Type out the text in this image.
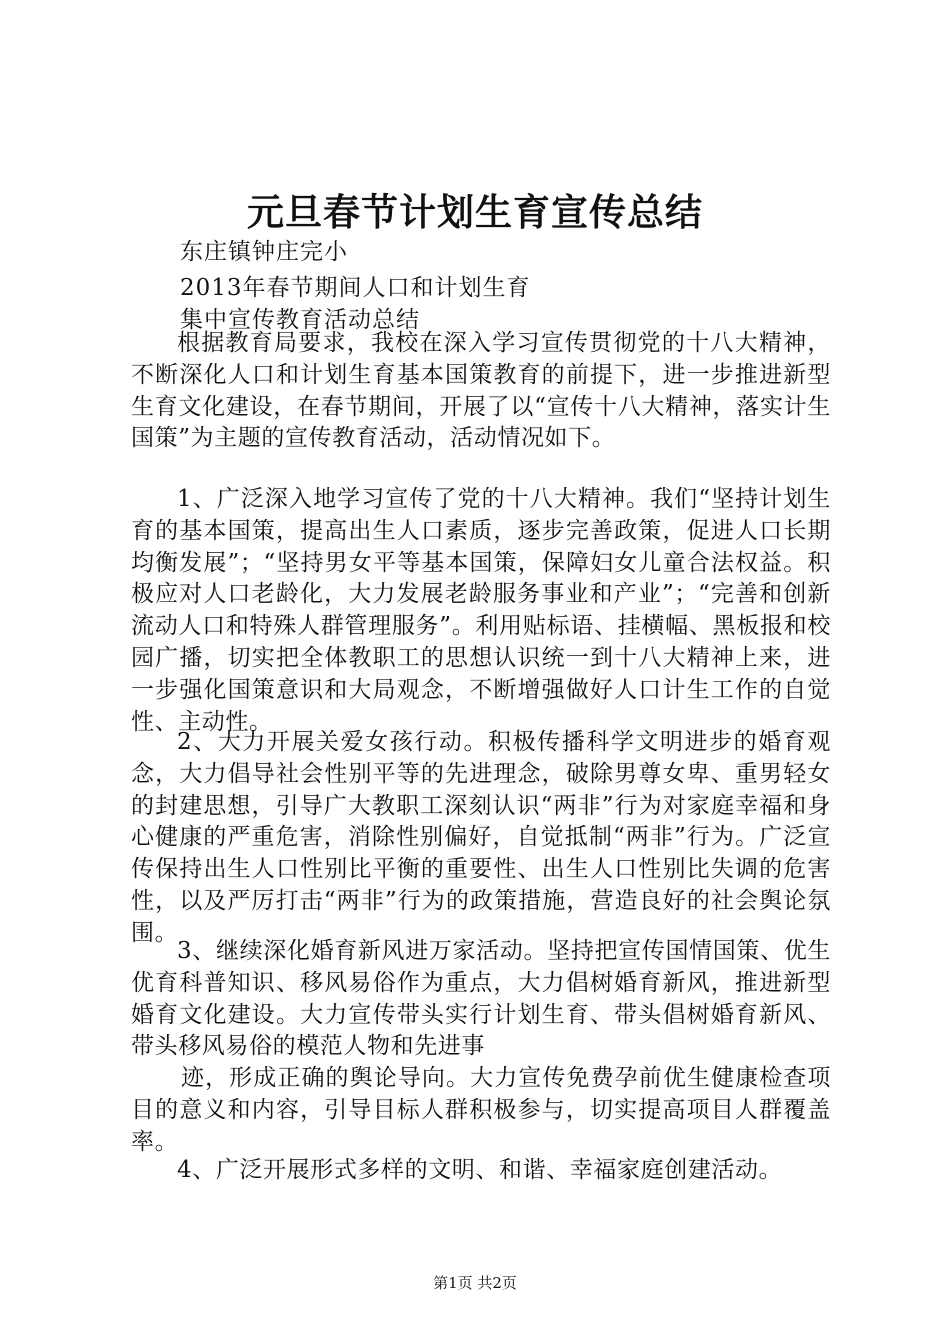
元旦春节计划生育宣传总结
东庄镇钟庄完小
2013年春节期间人口和计划生育
集中宣传教育活动总结

根据教育局要求，我校在深入学习宣传贯彻党的十八大精神，不断深化人口和计划生育基本国策教育的前提下，进一步推进新型生育文化建设，在春节期间，开展了以“宣传十八大精神，落实计生国策”为主题的宣传教育活动，活动情况如下。

1、广泛深入地学习宣传了党的十八大精神。我们“坚持计划生育的基本国策，提高出生人口素质，逐步完善政策，促进人口长期均衡发展”；“坚持男女平等基本国策，保障妇女儿童合法权益。积极应对人口老龄化，大力发展老龄服务事业和产业”；“完善和创新流动人口和特殊人群管理服务”。利用贴标语、挂横幅、黑板报和校园广播，切实把全体教职工的思想认识统一到十八大精神上来，进一步强化国策意识和大局观念，不断增强做好人口计生工作的自觉性、主动性。

2、大力开展关爱女孩行动。积极传播科学文明进步的婚育观念，大力倡导社会性别平等的先进理念，破除男尊女卑、重男轻女的封建思想，引导广大教职工深刻认识“两非”行为对家庭幸福和身心健康的严重危害，消除性别偏好，自觉抵制“两非”行为。广泛宣传保持出生人口性别比平衡的重要性、出生人口性别比失调的危害性，以及严厉打击“两非”行为的政策措施，营造良好的社会舆论氛围。

3、继续深化婚育新风进万家活动。坚持把宣传国情国策、优生优育科普知识、移风易俗作为重点，大力倡树婚育新风，推进新型婚育文化建设。大力宣传带头实行计划生育、带头倡树婚育新风、带头移风易俗的模范人物和先进事

迹，形成正确的舆论导向。大力宣传免费孕前优生健康检查项目的意义和内容，引导目标人群积极参与，切实提高项目人群覆盖率。

4、广泛开展形式多样的文明、和谐、幸福家庭创建活动。

第1页 共2页
